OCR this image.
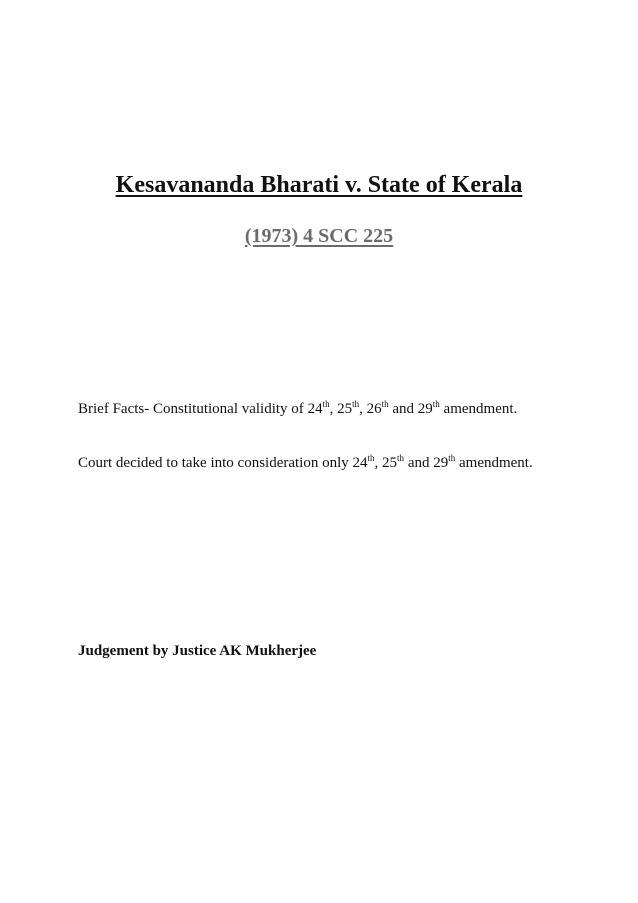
Kesavananda Bharati v. State of Kerala
(1973) 4 SCC 225
Brief Facts- Constitutional validity of 24th, 25th, 26th and 29th amendment.
Court decided to take into consideration only 24th, 25th and 29th amendment.
Judgement by Justice AK Mukherjee
